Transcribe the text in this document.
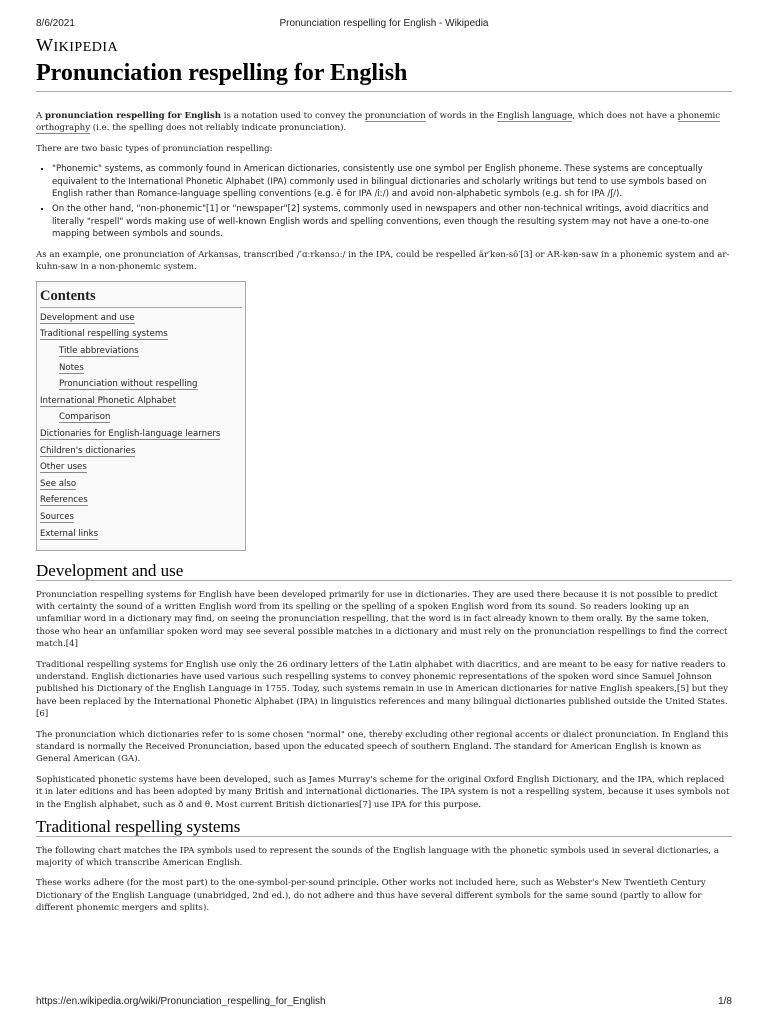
8/6/2021	Pronunciation respelling for English - Wikipedia
WIKIPEDIA
Pronunciation respelling for English

A pronunciation respelling for English is a notation used to convey the pronunciation of words in the English language, which does not have a phonemic orthography (i.e. the spelling does not reliably indicate pronunciation).

There are two basic types of pronunciation respelling:

▪ "Phonemic" systems, as commonly found in American dictionaries, consistently use one symbol per English phoneme. These systems are conceptually equivalent to the International Phonetic Alphabet (IPA) commonly used in bilingual dictionaries and scholarly writings but tend to use symbols based on English rather than Romance-language spelling conventions (e.g. ē for IPA /iː/) and avoid non-alphabetic symbols (e.g. sh for IPA /ʃ/).
▪ On the other hand, "non-phonemic"[1] or "newspaper"[2] systems, commonly used in newspapers and other non-technical writings, avoid diacritics and literally "respell" words making use of well-known English words and spelling conventions, even though the resulting system may not have a one-to-one mapping between symbols and sounds.

As an example, one pronunciation of Arkansas, transcribed /ˈɑːrkənsɔː/ in the IPA, could be respelled är′kən-sô′[3] or AR-kən-saw in a phonemic system and ar-kuhn-saw in a non-phonemic system.

Contents
Development and use
Traditional respelling systems
Title abbreviations
Notes
Pronunciation without respelling
International Phonetic Alphabet
Comparison
Dictionaries for English-language learners
Children's dictionaries
Other uses
See also
References
Sources
External links
Development and use

Pronunciation respelling systems for English have been developed primarily for use in dictionaries. They are used there because it is not possible to predict with certainty the sound of a written English word from its spelling or the spelling of a spoken English word from its sound. So readers looking up an unfamiliar word in a dictionary may find, on seeing the pronunciation respelling, that the word is in fact already known to them orally. By the same token, those who hear an unfamiliar spoken word may see several possible matches in a dictionary and must rely on the pronunciation respellings to find the correct match.[4]

Traditional respelling systems for English use only the 26 ordinary letters of the Latin alphabet with diacritics, and are meant to be easy for native readers to understand. English dictionaries have used various such respelling systems to convey phonemic representations of the spoken word since Samuel Johnson published his Dictionary of the English Language in 1755. Today, such systems remain in use in American dictionaries for native English speakers,[5] but they have been replaced by the International Phonetic Alphabet (IPA) in linguistics references and many bilingual dictionaries published outside the United States.[6]

The pronunciation which dictionaries refer to is some chosen "normal" one, thereby excluding other regional accents or dialect pronunciation. In England this standard is normally the Received Pronunciation, based upon the educated speech of southern England. The standard for American English is known as General American (GA).

Sophisticated phonetic systems have been developed, such as James Murray's scheme for the original Oxford English Dictionary, and the IPA, which replaced it in later editions and has been adopted by many British and international dictionaries. The IPA system is not a respelling system, because it uses symbols not in the English alphabet, such as ð and θ. Most current British dictionaries[7] use IPA for this purpose.

Traditional respelling systems

The following chart matches the IPA symbols used to represent the sounds of the English language with the phonetic symbols used in several dictionaries, a majority of which transcribe American English.

These works adhere (for the most part) to the one-symbol-per-sound principle. Other works not included here, such as Webster's New Twentieth Century Dictionary of the English Language (unabridged, 2nd ed.), do not adhere and thus have several different symbols for the same sound (partly to allow for different phonemic mergers and splits).

https://en.wikipedia.org/wiki/Pronunciation_respelling_for_English	1/8
